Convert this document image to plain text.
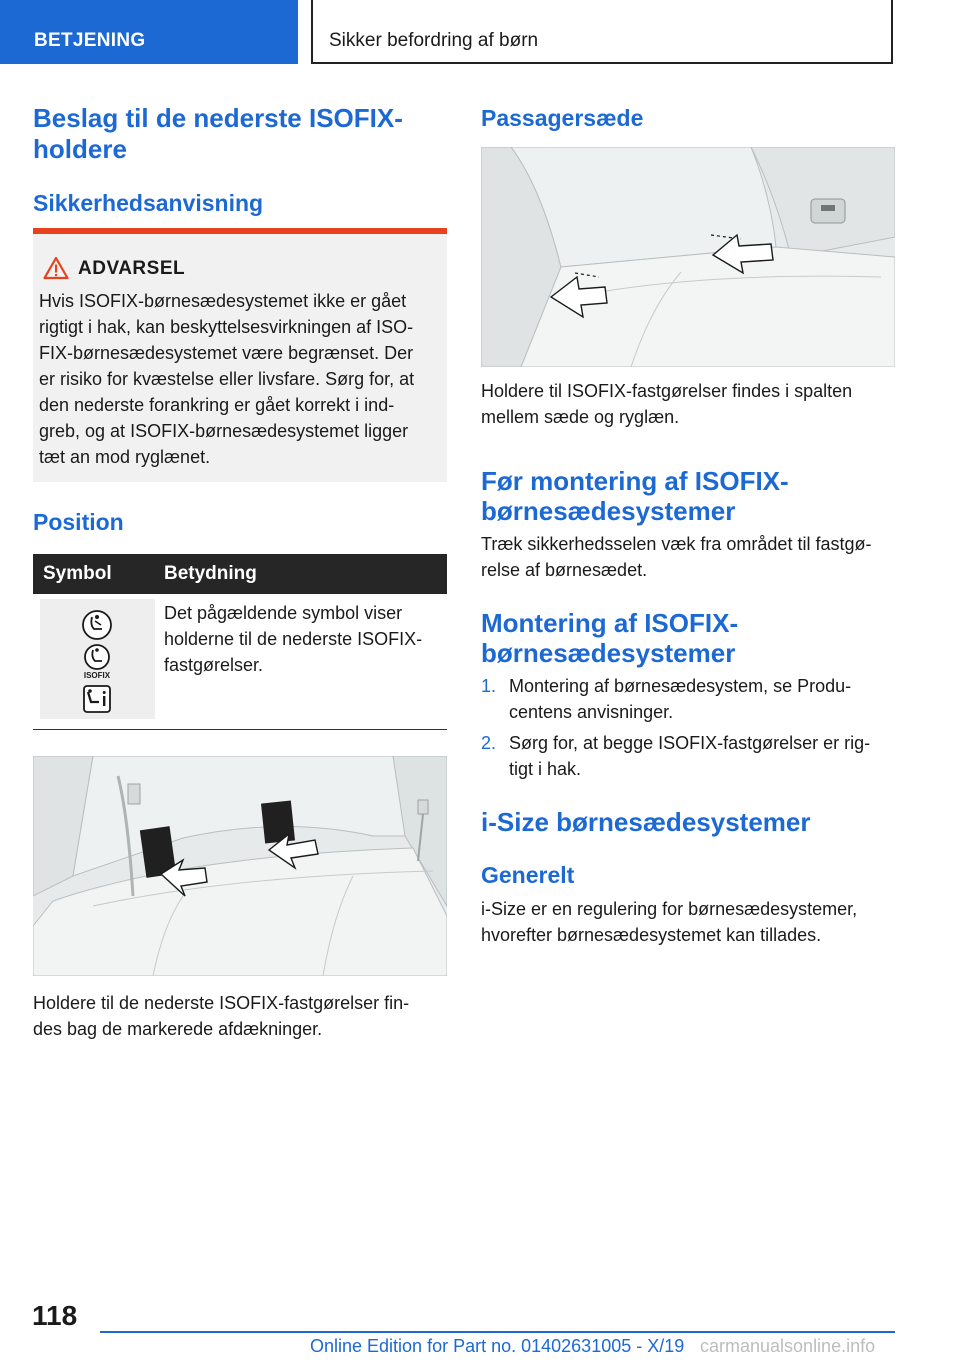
BETJENING	Sikker befordring af børn
Beslag til de nederste ISOFIX-
holdere
Sikkerhedsanvisning
ADVARSEL
Hvis ISOFIX-børnesædesystemet ikke er gået
rigtigt i hak, kan beskyttelsesvirkningen af ISO-
FIX-børnesædesystemet være begrænset. Der
er risiko for kvæstelse eller livsfare. Sørg for, at
den nederste forankring er gået korrekt i ind-
greb, og at ISOFIX-børnesædesystemet ligger
tæt an mod ryglænet.
Position
Symbol	Betydning
ISOFIX
Det pågældende symbol viser
holderne til de nederste ISOFIX-
fastgørelser.
Holdere til de nederste ISOFIX-fastgørelser fin-
des bag de markerede afdækninger.
Passagersæde
Holdere til ISOFIX-fastgørelser findes i spalten
mellem sæde og ryglæn.
Før montering af ISOFIX-
børnesædesystemer
Træk sikkerhedsselen væk fra området til fastgø-
relse af børnesædet.
Montering af ISOFIX-
børnesædesystemer
1. Montering af børnesædesystem, se Produ-
centens anvisninger.
2. Sørg for, at begge ISOFIX-fastgørelser er rig-
tigt i hak.
i-Size børnesædesystemer
Generelt
i-Size er en regulering for børnesædesystemer,
hvorefter børnesædesystemet kan tillades.
118
Online Edition for Part no. 01402631005 - X/19 carmanualsonline.info
